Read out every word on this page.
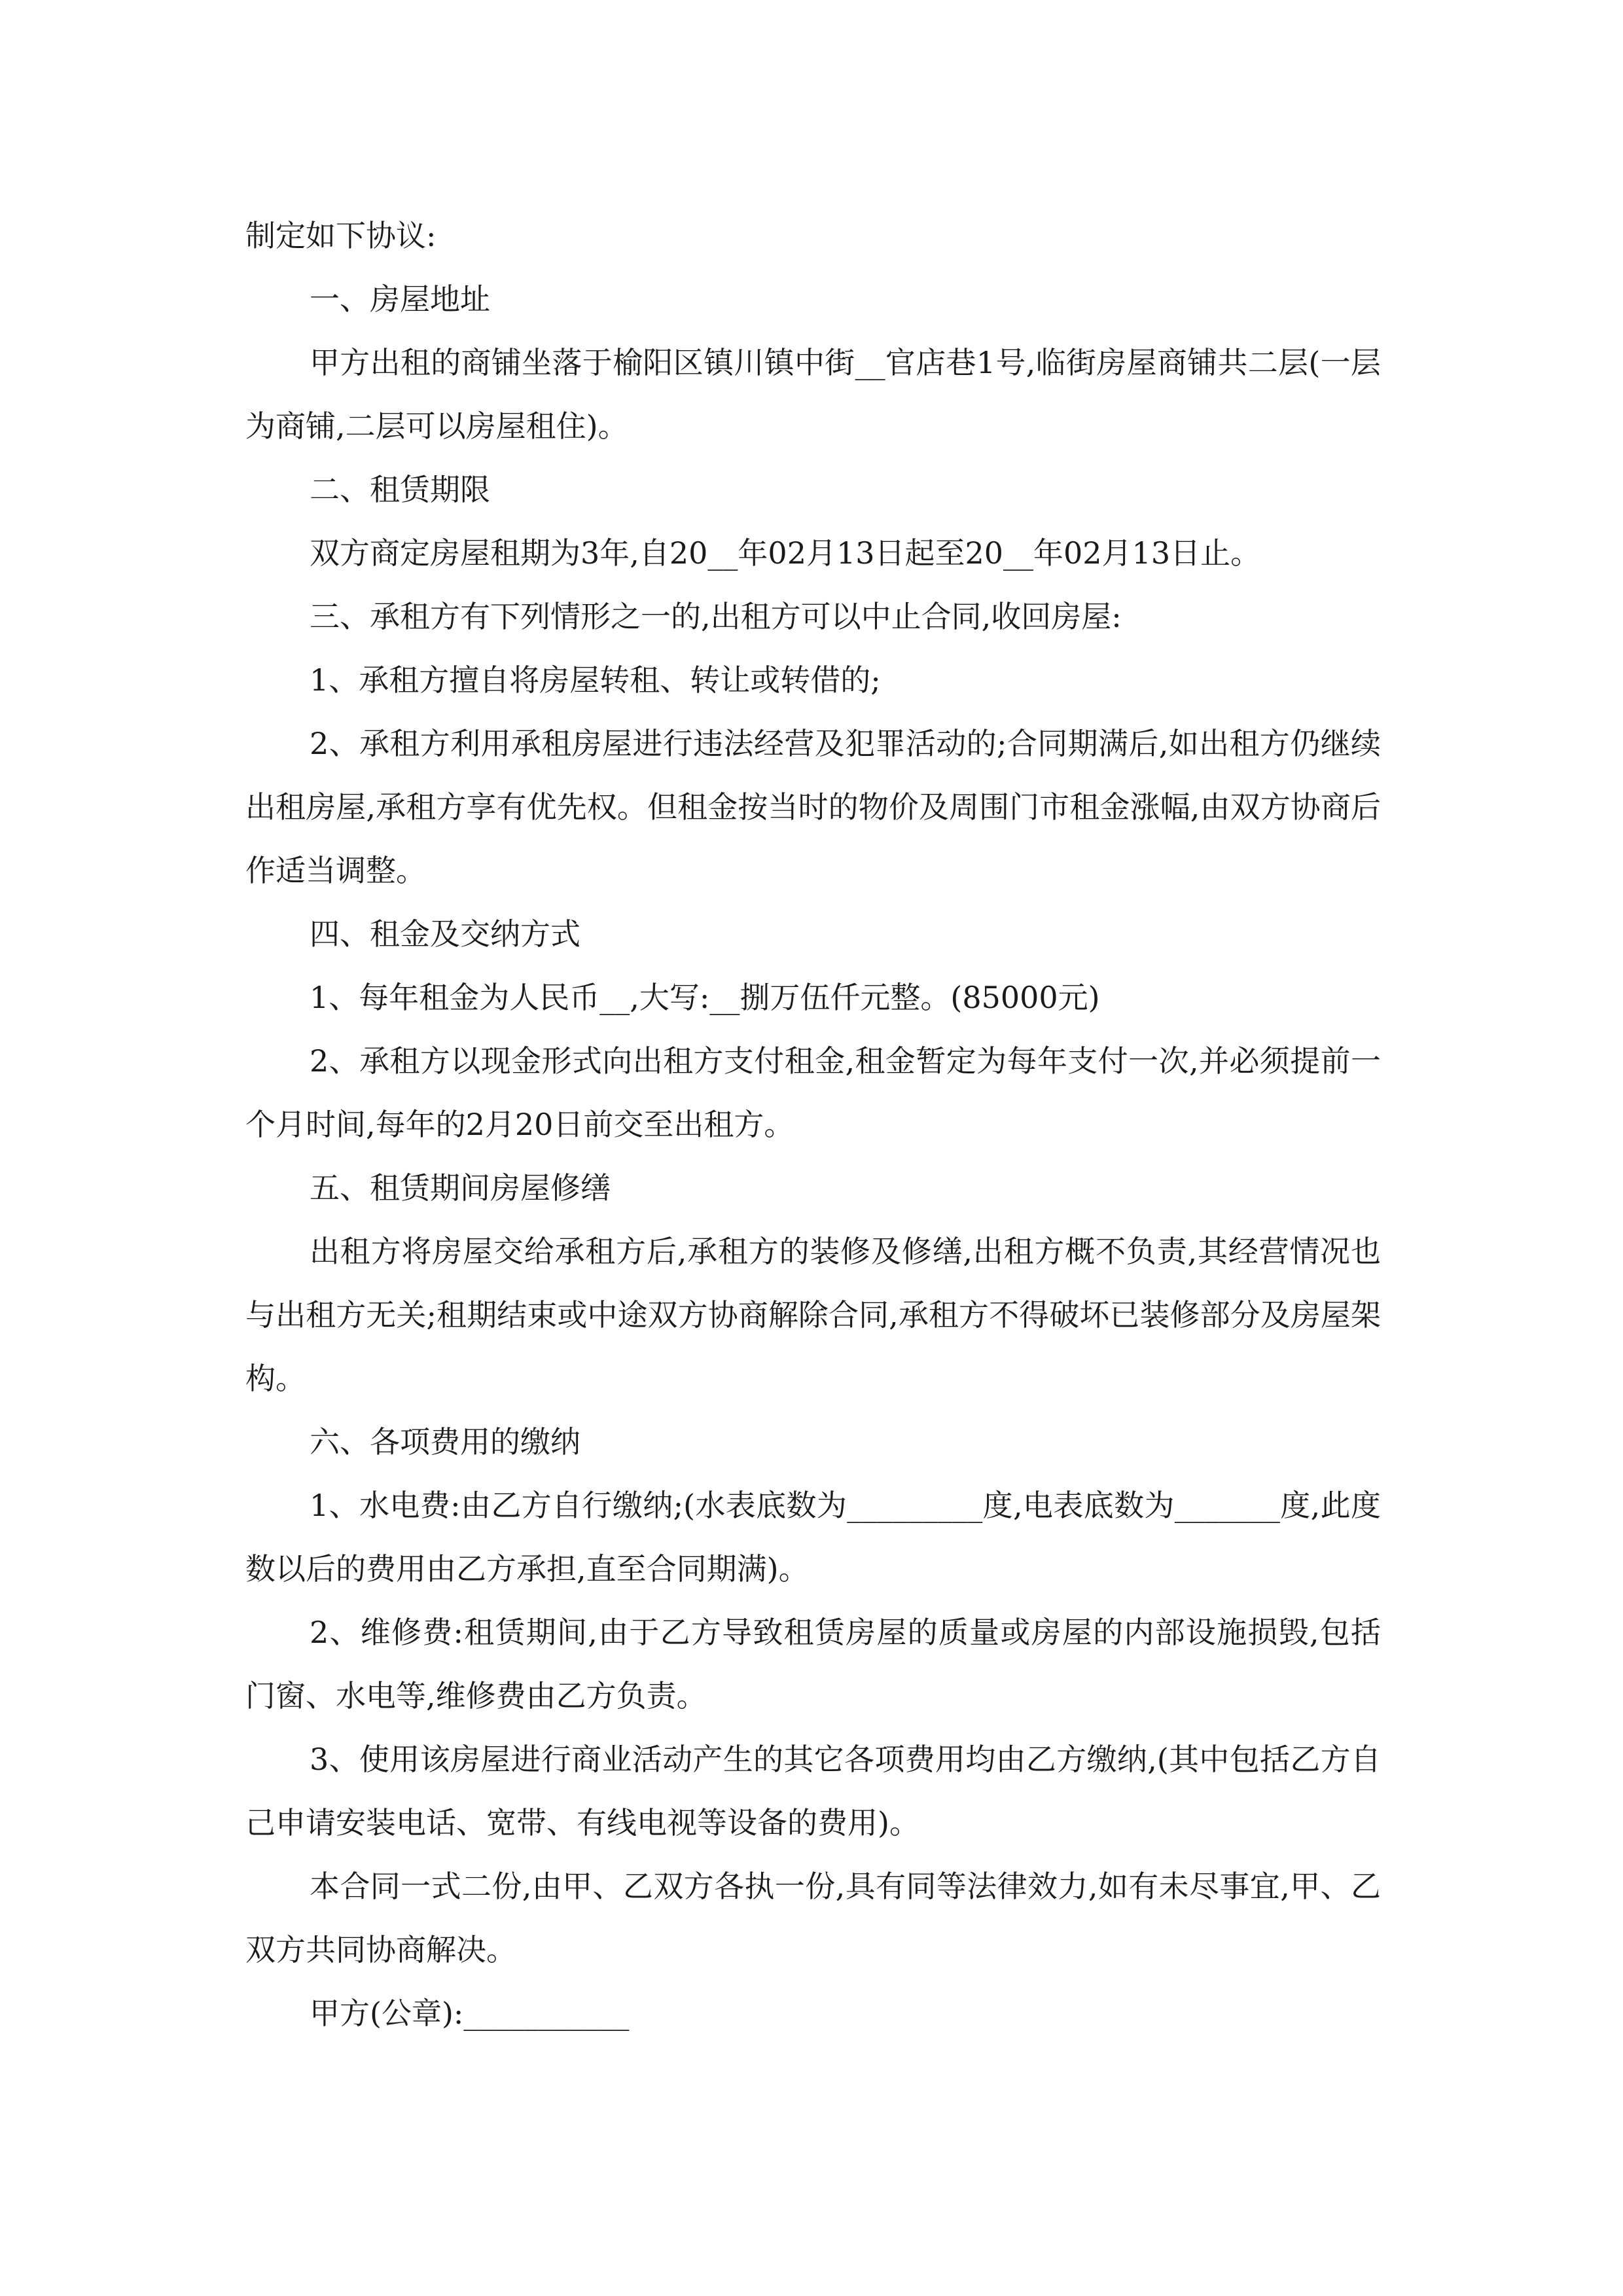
制定如下协议:

一、房屋地址

甲方出租的商铺坐落于榆阳区镇川镇中街__官店巷1号,临街房屋商铺共二层(一层为商铺,二层可以房屋租住)。

二、租赁期限

双方商定房屋租期为3年,自20__年02月13日起至20__年02月13日止。

三、承租方有下列情形之一的,出租方可以中止合同,收回房屋:

1、承租方擅自将房屋转租、转让或转借的;

2、承租方利用承租房屋进行违法经营及犯罪活动的;合同期满后,如出租方仍继续出租房屋,承租方享有优先权。但租金按当时的物价及周围门市租金涨幅,由双方协商后作适当调整。

四、租金及交纳方式

1、每年租金为人民币__,大写:__捌万伍仟元整。(85000元)

2、承租方以现金形式向出租方支付租金,租金暂定为每年支付一次,并必须提前一个月时间,每年的2月20日前交至出租方。

五、租赁期间房屋修缮

出租方将房屋交给承租方后,承租方的装修及修缮,出租方概不负责,其经营情况也与出租方无关;租期结束或中途双方协商解除合同,承租方不得破坏已装修部分及房屋架构。

六、各项费用的缴纳

1、水电费:由乙方自行缴纳;(水表底数为_________度,电表底数为_______度,此度数以后的费用由乙方承担,直至合同期满)。

2、维修费:租赁期间,由于乙方导致租赁房屋的质量或房屋的内部设施损毁,包括门窗、水电等,维修费由乙方负责。

3、使用该房屋进行商业活动产生的其它各项费用均由乙方缴纳,(其中包括乙方自己申请安装电话、宽带、有线电视等设备的费用)。

本合同一式二份,由甲、乙双方各执一份,具有同等法律效力,如有未尽事宜,甲、乙双方共同协商解决。

甲方(公章):___________
